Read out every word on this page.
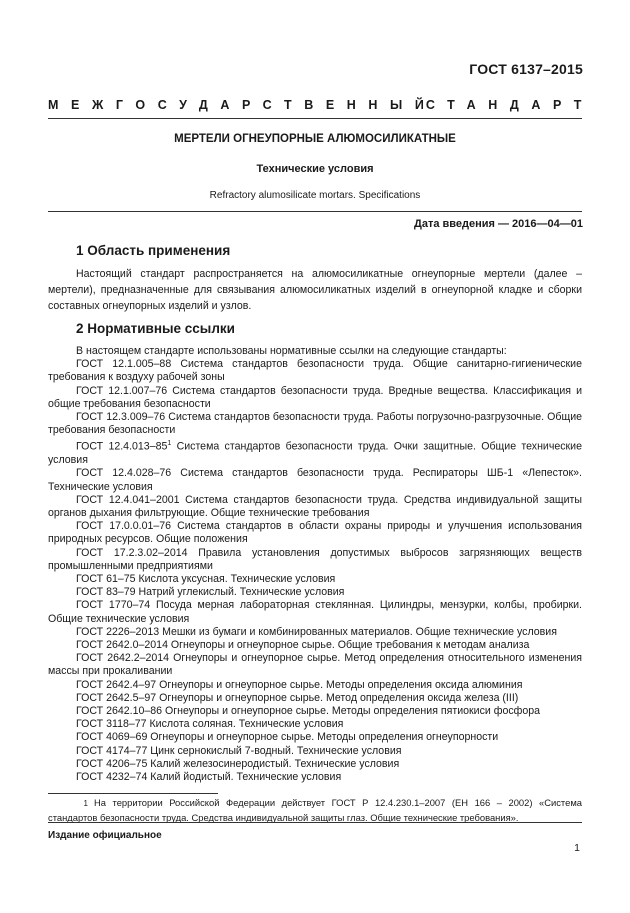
ГОСТ 6137–2015
МЕЖГОСУДАРСТВЕННЫЙ
СТАНДАРТ
МЕРТЕЛИ ОГНЕУПОРНЫЕ АЛЮМОСИЛИКАТНЫЕ
Технические условия
Refractory alumosilicate mortars. Specifications
Дата введения — 2016—04—01
1 Область применения

Настоящий стандарт распространяется на алюмосиликатные огнеупорные мертели (далее – мертели), предназначенные для связывания алюмосиликатных изделий в огнеупорной кладке и сборки составных огнеупорных изделий и узлов.

2 Нормативные ссылки

В настоящем стандарте использованы нормативные ссылки на следующие стандарты:

ГОСТ 12.1.005–88 Система стандартов безопасности труда. Общие санитарно-гигиенические требования к воздуху рабочей зоны

ГОСТ 12.1.007–76 Система стандартов безопасности труда. Вредные вещества. Классификация и общие требования безопасности

ГОСТ 12.3.009–76 Система стандартов безопасности труда. Работы погрузочно-разгрузочные. Общие требования безопасности

ГОСТ $12.4.013-85^1$ Система стандартов безопасности труда. Очки защитные. Общие технические условия

ГОСТ 12.4.028–76 Система стандартов безопасности труда. Респираторы ШБ-1 «Лепесток». Технические условия

ГОСТ 12.4.041–2001 Система стандартов безопасности труда. Средства индивидуальной защиты органов дыхания фильтрующие. Общие технические требования

ГОСТ 17.0.0.01–76 Система стандартов в области охраны природы и улучшения использования природных ресурсов. Общие положения

ГОСТ 17.2.3.02–2014 Правила установления допустимых выбросов загрязняющих веществ промышленными предприятиями

ГОСТ 61–75 Кислота уксусная. Технические условия

ГОСТ 83–79 Натрий углекислый. Технические условия

ГОСТ 1770–74 Посуда мерная лабораторная стеклянная. Цилиндры, мензурки, колбы, пробирки. Общие технические условия

ГОСТ 2226–2013 Мешки из бумаги и комбинированных материалов. Общие технические условия

ГОСТ 2642.0–2014 Огнеупоры и огнеупорное сырье. Общие требования к методам анализа

ГОСТ 2642.2–2014 Огнеупоры и огнеупорное сырье. Метод определения относительного изменения массы при прокаливании

ГОСТ 2642.4–97 Огнеупоры и огнеупорное сырье. Методы определения оксида алюминия

ГОСТ 2642.5–97 Огнеупоры и огнеупорное сырье. Метод определения оксида железа (III)

ГОСТ 2642.10–86 Огнеупоры и огнеупорное сырье. Методы определения пятиокиси фосфора

ГОСТ 3118–77 Кислота соляная. Технические условия

ГОСТ 4069–69 Огнеупоры и огнеупорное сырье. Методы определения огнеупорности

ГОСТ 4174–77 Цинк сернокислый 7-водный. Технические условия

ГОСТ 4206–75 Калий железосинеродистый. Технические условия

ГОСТ 4232–74 Калий йодистый. Технические условия

1 На территории Российской Федерации действует ГОСТ Р 12.4.230.1–2007 (ЕН 166 – 2002) «Система стандартов безопасности труда. Средства индивидуальной защиты глаз. Общие технические требования».
Издание официальное
1
